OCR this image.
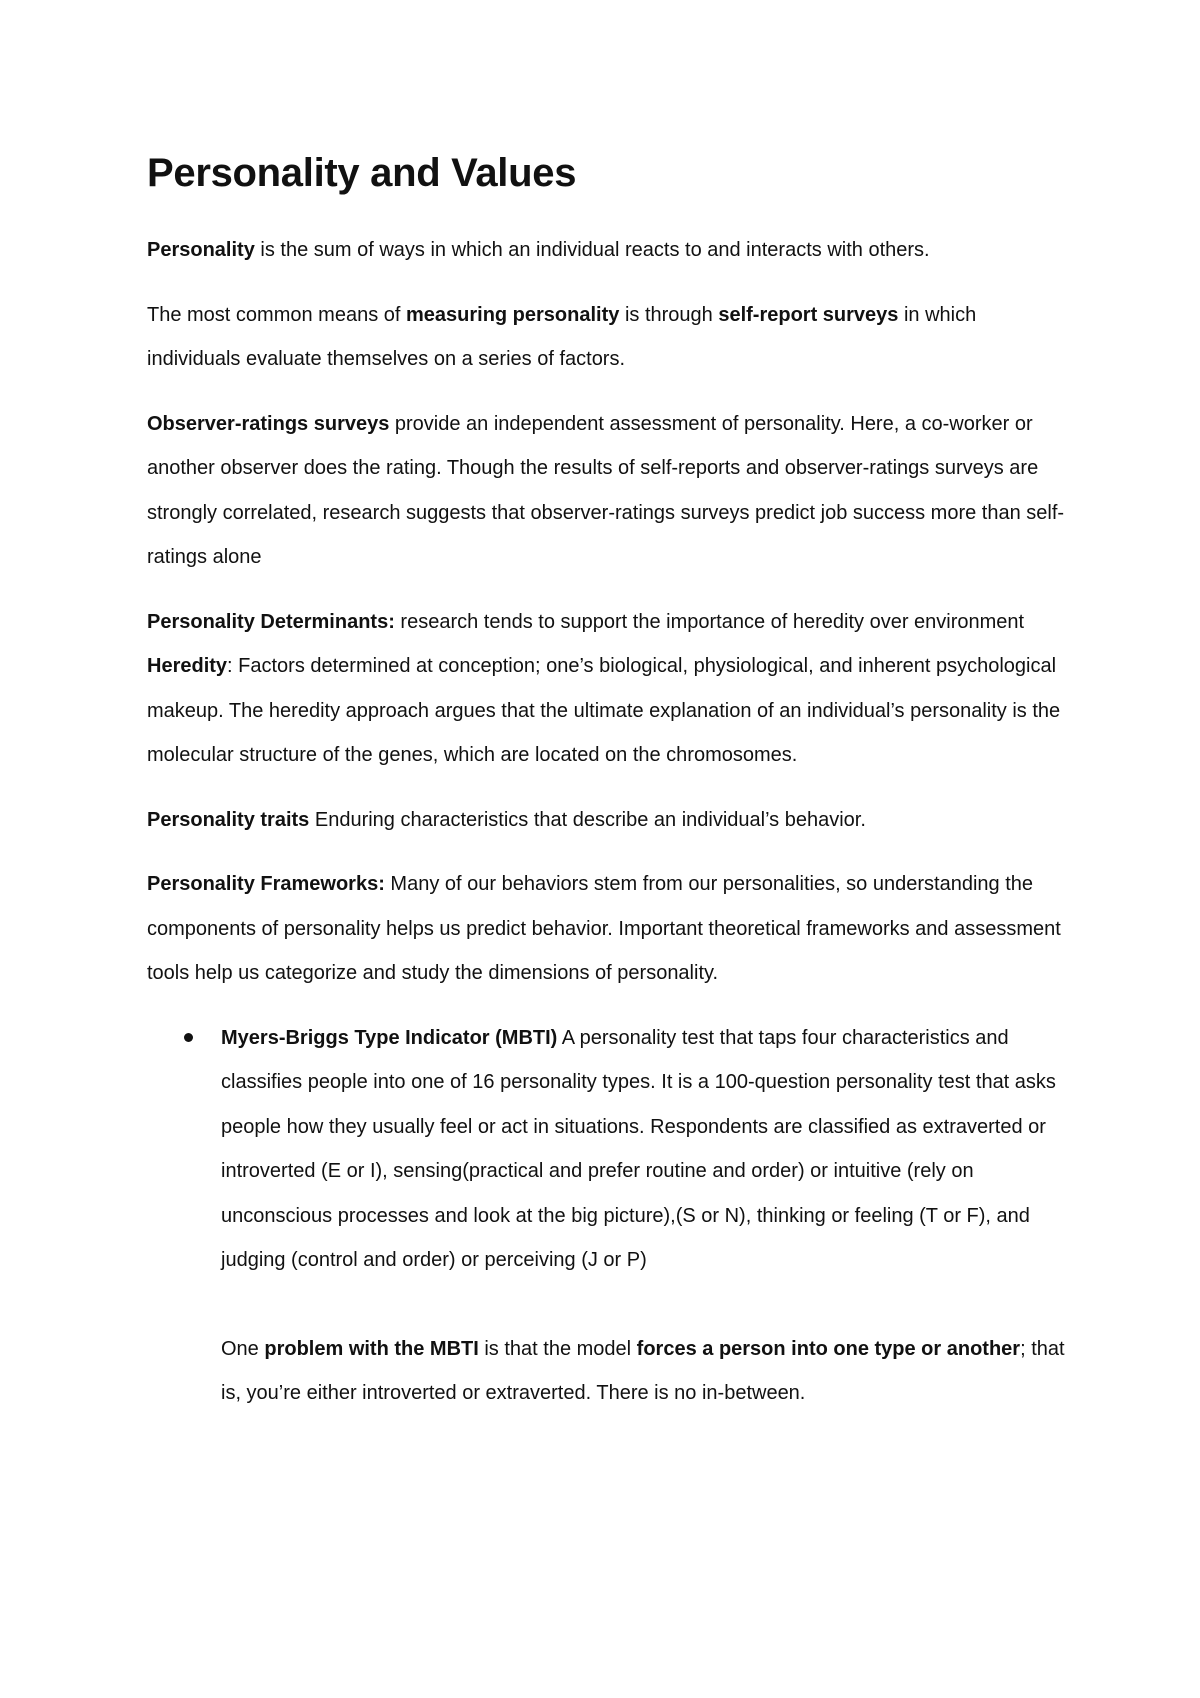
Personality and Values

Personality is the sum of ways in which an individual reacts to and interacts with others.

The most common means of measuring personality is through self-report surveys in which individuals evaluate themselves on a series of factors.

Observer-ratings surveys provide an independent assessment of personality. Here, a co-worker or another observer does the rating. Though the results of self-reports and observer-ratings surveys are strongly correlated, research suggests that observer-ratings surveys predict job success more than self-ratings alone

Personality Determinants: research tends to support the importance of heredity over environment Heredity: Factors determined at conception; one’s biological, physiological, and inherent psychological makeup. The heredity approach argues that the ultimate explanation of an individual’s personality is the molecular structure of the genes, which are located on the chromosomes.

Personality traits Enduring characteristics that describe an individual’s behavior.

Personality Frameworks: Many of our behaviors stem from our personalities, so understanding the components of personality helps us predict behavior. Important theoretical frameworks and assessment tools help us categorize and study the dimensions of personality.

Myers-Briggs Type Indicator (MBTI) A personality test that taps four characteristics and classifies people into one of 16 personality types. It is a 100-question personality test that asks people how they usually feel or act in situations. Respondents are classified as extraverted or introverted (E or I), sensing(practical and prefer routine and order) or intuitive (rely on unconscious processes and look at the big picture),(S or N), thinking or feeling (T or F), and judging (control and order) or perceiving (J or P)

One problem with the MBTI is that the model forces a person into one type or another; that is, you’re either introverted or extraverted. There is no in-between.
